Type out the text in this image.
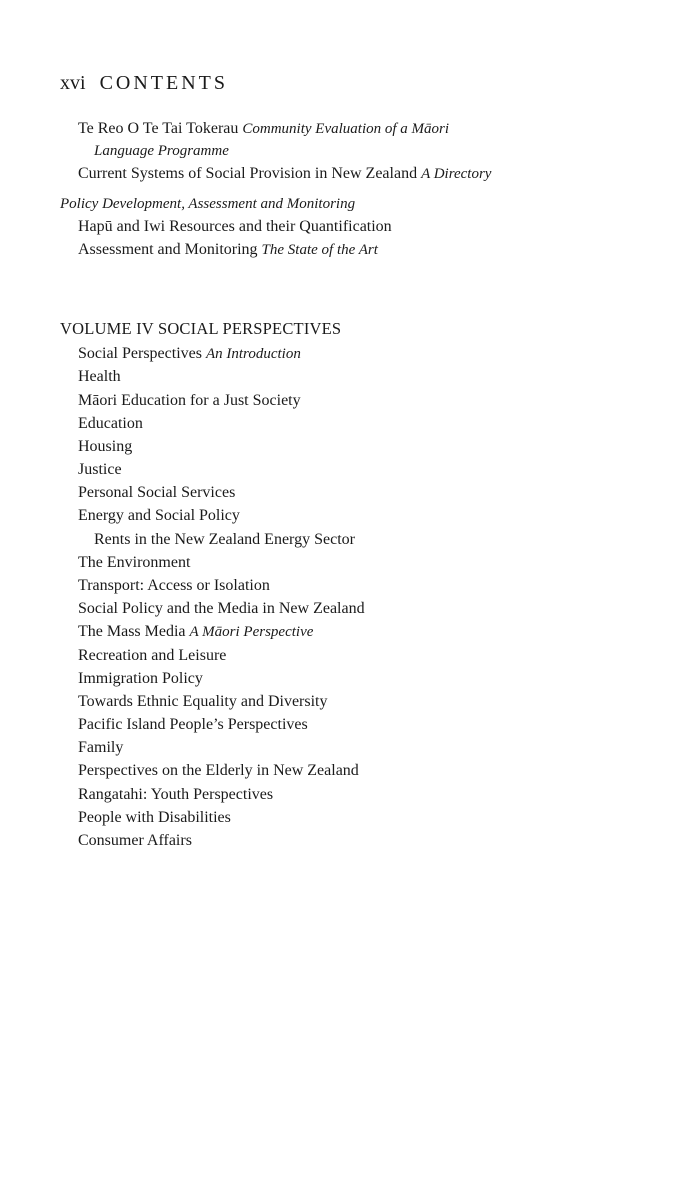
xvi CONTENTS
Te Reo O Te Tai Tokerau Community Evaluation of a Māori
Language Programme
Current Systems of Social Provision in New Zealand A Directory
Policy Development, Assessment and Monitoring
Hapū and Iwi Resources and their Quantification
Assessment and Monitoring The State of the Art
VOLUME IV SOCIAL PERSPECTIVES
Social Perspectives An Introduction
Health
Māori Education for a Just Society
Education
Housing
Justice
Personal Social Services
Energy and Social Policy
Rents in the New Zealand Energy Sector
The Environment
Transport: Access or Isolation
Social Policy and the Media in New Zealand
The Mass Media A Māori Perspective
Recreation and Leisure
Immigration Policy
Towards Ethnic Equality and Diversity
Pacific Island People’s Perspectives
Family
Perspectives on the Elderly in New Zealand
Rangatahi: Youth Perspectives
People with Disabilities
Consumer Affairs
